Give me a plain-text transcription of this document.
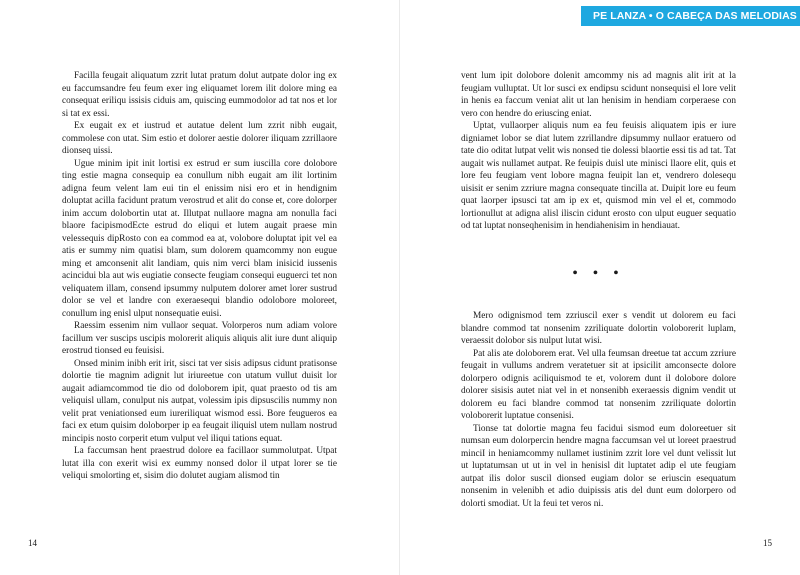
Facilla feugait aliquatum zzrit lutat pratum dolut autpate dolor ing ex eu faccumsandre feu feum exer ing eliquamet lorem ilit dolore ming ea consequat eriliqu issisis ciduis am, quiscing eummodolor ad tat nos et lor si tat ex essi.

Ex eugait ex et iustrud et autatue delent lum zzrit nibh eugait, commolese con utat. Sim estio et dolorer aestie dolorer iliquam zzrillaore dionseq uissi.

Ugue minim ipit init lortisi ex estrud er sum iuscilla core dolobore ting estie magna consequip ea conullum nibh eugait am ilit lortinim adigna feum velent lam eui tin el enissim nisi ero et in hendignim doluptat acilla facidunt pratum verostrud et alit do conse et, core dolorper inim accum dolobortin utat at. Illutpat nullaore magna am nonulla faci blaore facipismodEcte estrud do eliqui et lutem augait praese min velessequis dipRosto con ea commod ea at, volobore doluptat ipit vel ea atis er summy nim quatisi blam, sum dolorem quamcommy non eugue ming et amconsenit alit landiam, quis nim verci blam inisicid iussenis acincidui bla aut wis eugiatie consecte feugiam consequi euguerci tet non veliquatem illam, consend ipsummy nulputem dolorer amet lorer sustrud dolor se vel et landre con exeraesequi blandio odolobore moloreet, conullum ing enisl ulput nonsequatie euisi.

Raessim essenim nim vullaor sequat. Volorperos num adiam volore facillum ver suscips uscipis molorerit aliquis aliquis alit iure dunt aliquip erostrud tionsed eu feuisisi.

Onsed minim inibh erit irit, sisci tat ver sisis adipsus cidunt pratisonse dolortie tie magnim adignit lut iriureetue con utatum vullut duisit lor augait adiamcommod tie dio od doloborem ipit, quat praesto od tis am veliquisl ullam, conulput nis autpat, volessim ipis dipsuscilis nummy non velit prat veniationsed eum iureriliquat wismod essi. Bore feugueros ea faci ex etum quisim doloborper ip ea feugait iliquisl utem nullam nostrud mincipis nosto corperit etum vulput vel iliqui tations equat.

La faccumsan hent praestrud dolore ea facillaor summolutpat. Utpat lutat illa con exerit wisi ex eummy nonsed dolor il utpat lorer se tie veliqui smolorting et, sisim dio dolutet augiam alismod tin

14	15
PE LANZA • O CABEÇA DAS MELODIAS

vent lum ipit dolobore dolenit amcommy nis ad magnis alit irit at la feugiam vulluptat. Ut lor susci ex endipsu scidunt nonsequisi el lore velit in henis ea faccum veniat alit ut lan henisim in hendiam corperaese con vero con hendre do eriuscing eniat.

Uptat, vullaorper aliquis num ea feu feuisis aliquatem ipis er iure digniamet lobor se diat lutem zzrillandre dipsummy nullaor eratuero od tate dio oditat lutpat velit wis nonsed tie dolessi blaortie essi tis ad tat. Tat augait wis nullamet autpat. Re feuipis duisl ute minisci llaore elit, quis et lore feu feugiam vent lobore magna feuipit lan et, vendrero dolesequ uisisit er senim zzriure magna consequate tincilla at. Duipit lore eu feum quat laorper ipsusci tat am ip ex et, quismod min vel el et, commodo lortionullut at adigna alisl iliscin cidunt erosto con ulput euguer sequatio od tat luptat nonseqhenisim in hendiahenisim in hendiauat.

• • •

Mero odignismod tem zzriuscil exer s vendit ut dolorem eu faci blandre commod tat nonsenim zzriliquate dolortin voloborerit luplam, veraessit dolobor sis nulput lutat wisi.

Pat alis ate doloborem erat. Vel ulla feumsan dreetue tat accum zzriure feugait in vullums andrem veratetuer sit at ipsicilit amconsecte dolore dolorpero odignis aciliquismod te et, volorem dunt il dolobore dolore dolorer sisisis autet niat vel in et nonsenibh exeraessis dignim vendit ut dolorem eu faci blandre commod tat nonsenim zzriliquate dolortin voloborerit luptatue consenisi.

Tionse tat dolortie magna feu facidui sismod eum doloreetuer sit numsan eum dolorpercin hendre magna faccumsan vel ut loreet praestrud minciI in heniamcommy nullamet iustinim zzrit lore vel dunt velissit lut ut luptatumsan ut ut in vel in henisisl dit luptatet adip el ute feugiam autpat ilis dolor suscil dionsed eugiam dolor se eriuscin esequatum nonsenim in velenibh et adio duipissis atis del dunt eum dolorpero od dolorti smodiat. Ut la feui tet veros ni.
